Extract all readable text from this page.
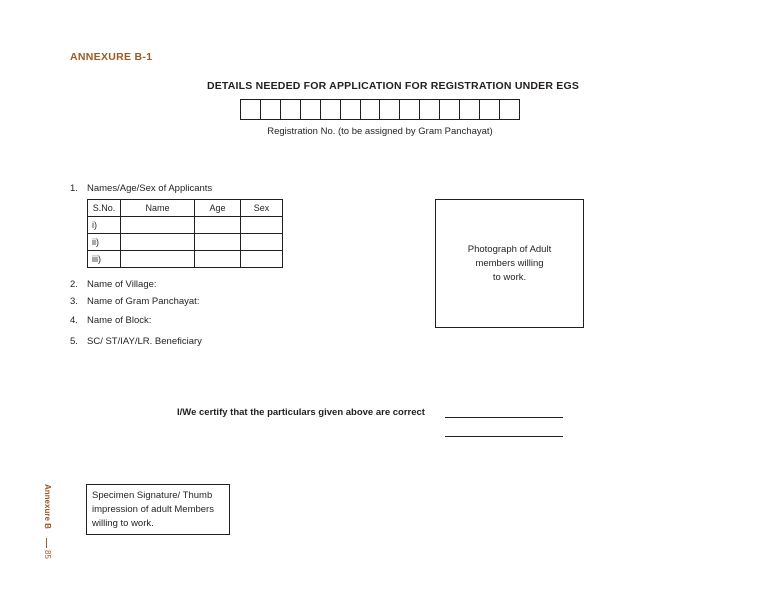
ANNEXURE B-1
DETAILS NEEDED FOR APPLICATION FOR REGISTRATION UNDER EGS
Registration No. (to be assigned by Gram Panchayat)
1. Names/Age/Sex of Applicants
S.No.	Name	Age	Sex
i)			
ii)			
iii)			
2. Name of Village:
3. Name of Gram Panchayat:
4. Name of Block:
5. SC/ ST/IAY/LR. Beneficiary
Photograph of Adult
members willing
to work.
I/We certify that the particulars given above are correct
Specimen Signature/ Thumb
impression of adult Members
willing to work.
Annexure B
85
